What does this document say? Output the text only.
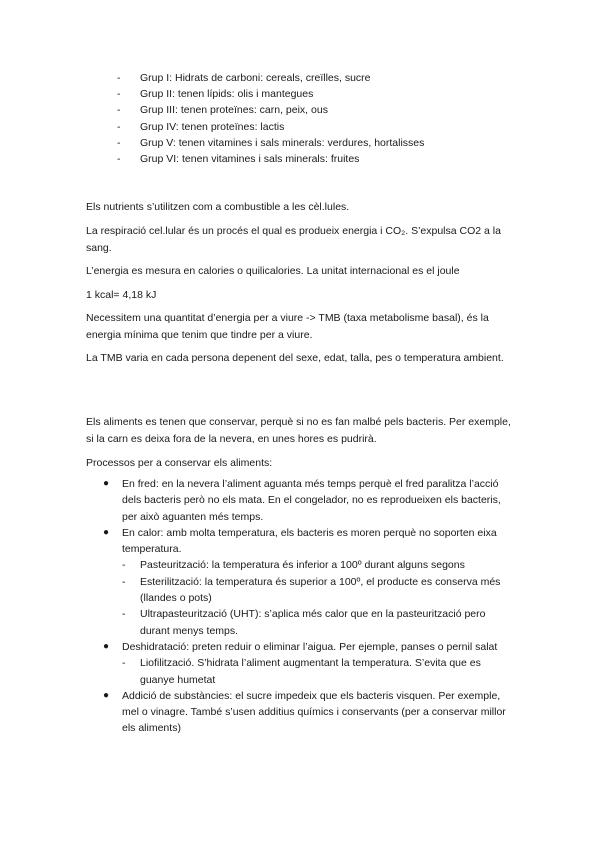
- Grup I: Hidrats de carboni: cereals, creïlles, sucre
- Grup II: tenen lípids: olis i mantegues
- Grup III: tenen proteïnes: carn, peix, ous
- Grup IV: tenen proteïnes: lactis
- Grup V: tenen vitamines i sals minerals: verdures, hortalisses
- Grup VI: tenen vitamines i sals minerals: fruites

Els nutrients s’utilitzen com a combustible a les cèl.lules.

La respiració cel.lular és un procés el qual es produeix energia i CO₂. S’expulsa CO2 a la sang.

L’energia es mesura en calories o quilicalories. La unitat internacional es el joule

1 kcal= 4,18 kJ

Necessitem una quantitat d’energia per a viure -> TMB (taxa metabolisme basal), és la energia mínima que tenim que tindre per a viure.

La TMB varia en cada persona depenent del sexe, edat, talla, pes o temperatura ambient.

Els aliments es tenen que conservar, perquè si no es fan malbé pels bacteris. Per exemple, si la carn es deixa fora de la nevera, en unes hores es pudrirà.

Processos per a conservar els aliments:

● En fred: en la nevera l’aliment aguanta més temps perquè el fred paralitza l’acció dels bacteris però no els mata. En el congelador, no es reprodueixen els bacteris, per això aguanten més temps.
● En calor: amb molta temperatura, els bacteris es moren perquè no soporten eixa temperatura.
- Pasteurització: la temperatura és inferior a 100º durant alguns segons
- Esterilització: la temperatura és superior a 100º, el producte es conserva més (llandes o pots)
- Ultrapasteurització (UHT): s’aplica més calor que en la pasteurització pero durant menys temps.
● Deshidratació: preten reduir o eliminar l’aigua. Per ejemple, panses o pernil salat
- Liofilització. S’hidrata l’aliment augmentant la temperatura. S’evita que es guanye humetat
● Addició de substàncies: el sucre impedeix que els bacteris visquen. Per exemple, mel o vinagre. També s’usen additius químics i conservants (per a conservar millor els aliments)
